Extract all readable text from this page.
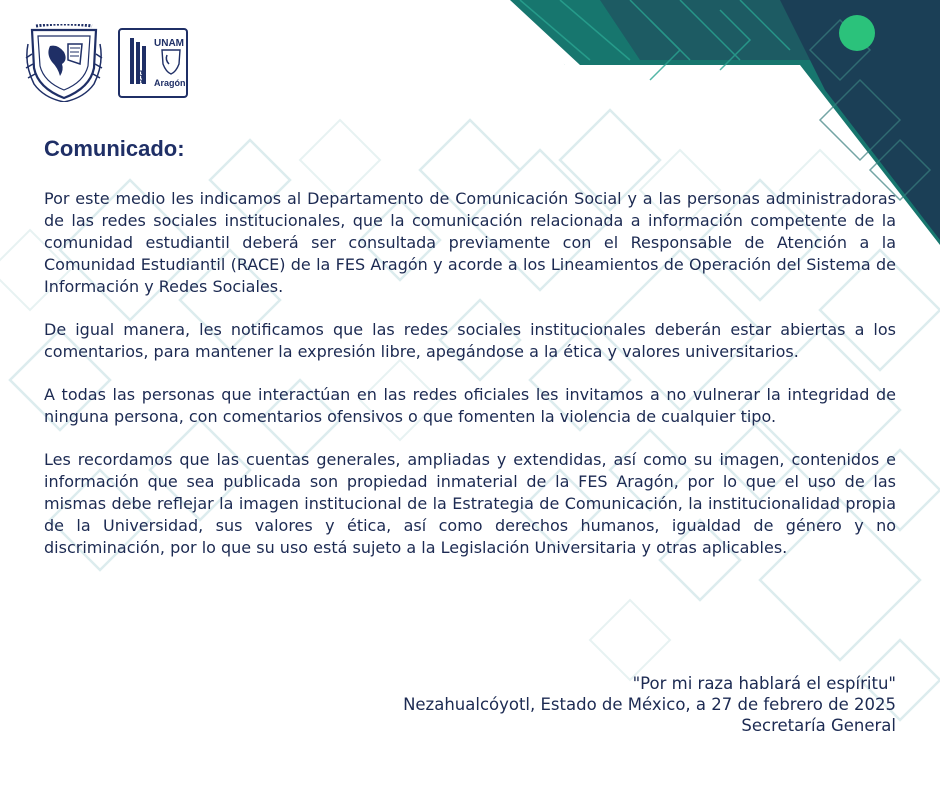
UNAM
FES Aragón
Comunicado:

Por este medio les indicamos al Departamento de Comunicación Social y a las personas administradoras de las redes sociales institucionales, que la comunicación relacionada a información competente de la comunidad estudiantil deberá ser consultada previamente con el Responsable de Atención a la Comunidad Estudiantil (RACE) de la FES Aragón y acorde a los Lineamientos de Operación del Sistema de Información y Redes Sociales.

De igual manera, les notificamos que las redes sociales institucionales deberán estar abiertas a los comentarios, para mantener la expresión libre, apegándose a la ética y valores universitarios.

A todas las personas que interactúan en las redes oficiales les invitamos a no vulnerar la integridad de ninguna persona, con comentarios ofensivos o que fomenten la violencia de cualquier tipo.

Les recordamos que las cuentas generales, ampliadas y extendidas, así como su imagen, contenidos e información que sea publicada son propiedad inmaterial de la FES Aragón, por lo que el uso de las mismas debe reflejar la imagen institucional de la Estrategia de Comunicación, la institucionalidad propia de la Universidad, sus valores y ética, así como derechos humanos, igualdad de género y no discriminación, por lo que su uso está sujeto a la Legislación Universitaria y otras aplicables.

"Por mi raza hablará el espíritu"
Nezahualcóyotl, Estado de México, a 27 de febrero de 2025
Secretaría General
